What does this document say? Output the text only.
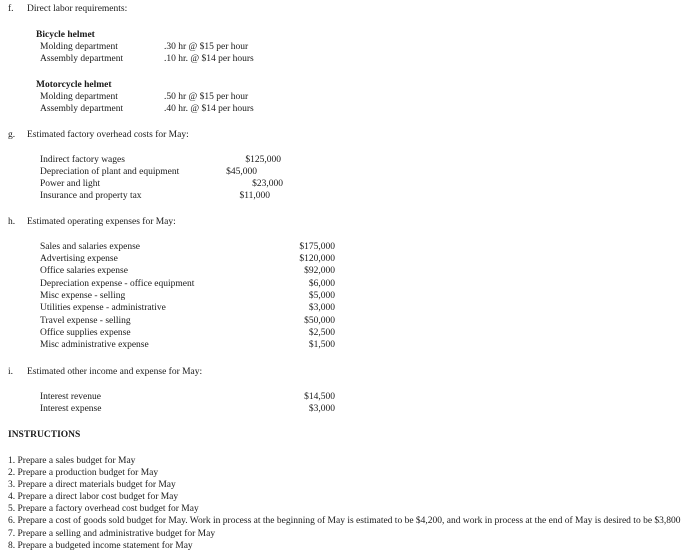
f. Direct labor requirements:
Bicycle helmet
Molding department	.30 hr @ $15 per hour
Assembly department	.10 hr. @ $14 per hours
Motorcycle helmet
Molding department	.50 hr @ $15 per hour
Assembly department	.40 hr. @ $14 per hours
g. Estimated factory overhead costs for May:
Indirect factory wages	$125,000
Depreciation of plant and equipment	$45,000
Power and light	$23,000
Insurance and property tax	$11,000
h. Estimated operating expenses for May:
Sales and salaries expense	$175,000
Advertising expense	$120,000
Office salaries expense	$92,000
Depreciation expense - office equipment	$6,000
Misc expense - selling	$5,000
Utilities expense - administrative	$3,000
Travel expense - selling	$50,000
Office supplies expense	$2,500
Misc administrative expense	$1,500
i. Estimated other income and expense for May:
Interest revenue	$14,500
Interest expense	$3,000
INSTRUCTIONS
1. Prepare a sales budget for May
2. Prepare a production budget for May
3. Prepare a direct materials budget for May
4. Prepare a direct labor cost budget for May
5. Prepare a factory overhead cost budget for May
6. Prepare a cost of goods sold budget for May. Work in process at the beginning of May is estimated to be $4,200, and work in process at the end of May is desired to be $3,800
7. Prepare a selling and administrative budget for May
8. Prepare a budgeted income statement for May
